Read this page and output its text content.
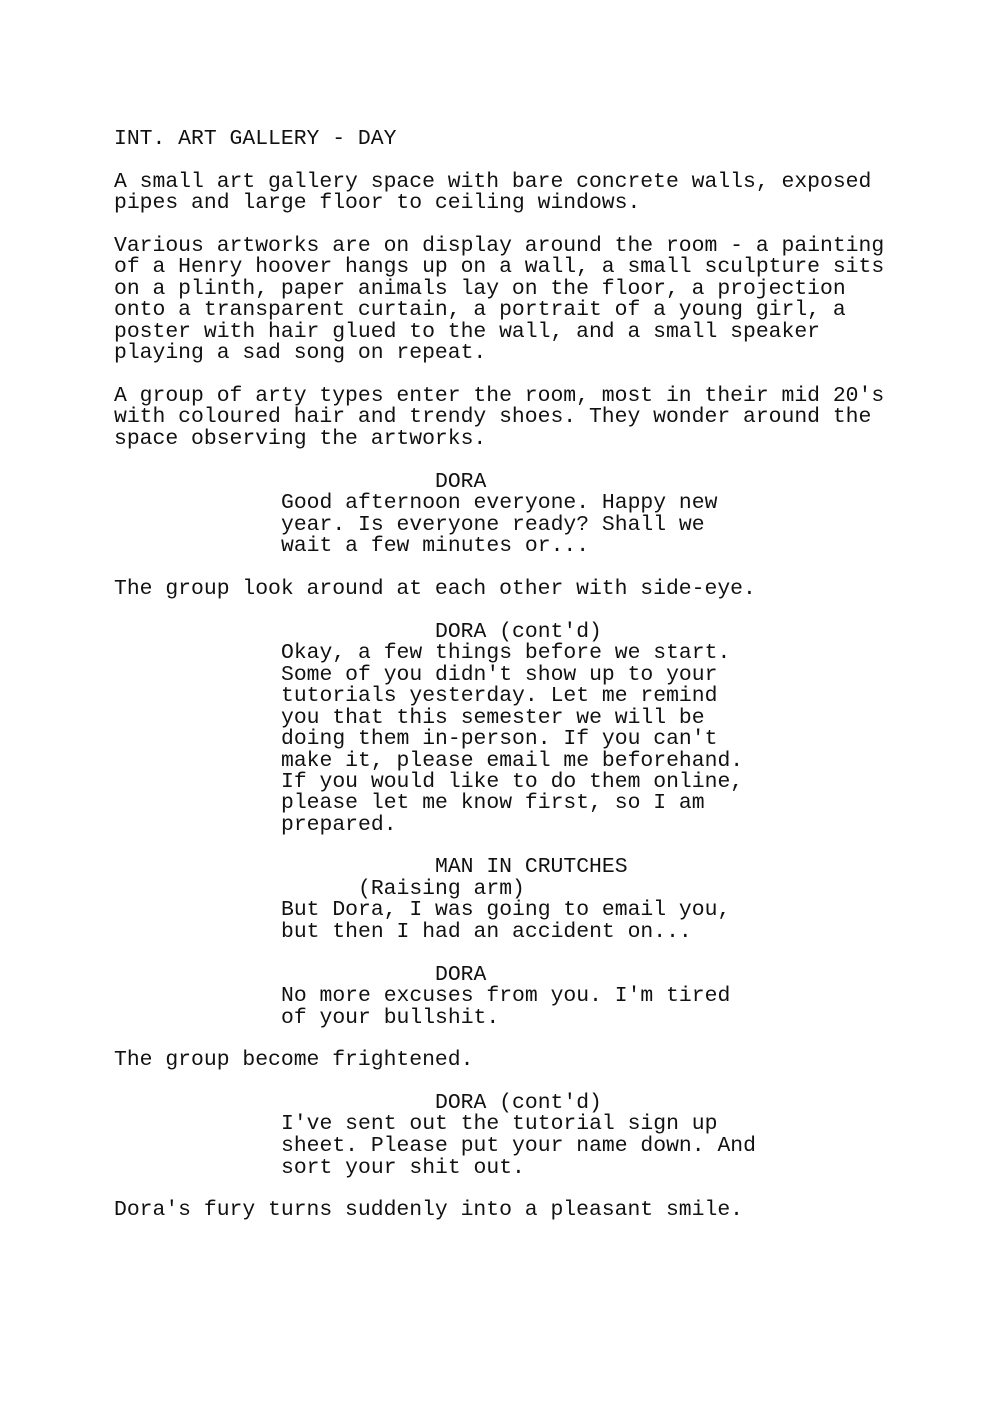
INT. ART GALLERY - DAY

A small art gallery space with bare concrete walls, exposed

pipes and large floor to ceiling windows.

Various artworks are on display around the room - a painting

of a Henry hoover hangs up on a wall, a small sculpture sits

on a plinth, paper animals lay on the floor, a projection

onto a transparent curtain, a portrait of a young girl, a

poster with hair glued to the wall, and a small speaker

playing a sad song on repeat.

A group of arty types enter the room, most in their mid 20's

with coloured hair and trendy shoes. They wonder around the

space observing the artworks.

DORA

Good afternoon everyone. Happy new

year. Is everyone ready? Shall we

wait a few minutes or...

The group look around at each other with side-eye.

DORA (cont'd)

Okay, a few things before we start.

Some of you didn't show up to your

tutorials yesterday. Let me remind

you that this semester we will be

doing them in-person. If you can't

make it, please email me beforehand.

If you would like to do them online,

please let me know first, so I am

prepared.

MAN IN CRUTCHES

(Raising arm)

But Dora, I was going to email you,

but then I had an accident on...

DORA

No more excuses from you. I'm tired

of your bullshit.

The group become frightened.

DORA (cont'd)

I've sent out the tutorial sign up

sheet. Please put your name down. And

sort your shit out.

Dora's fury turns suddenly into a pleasant smile.
